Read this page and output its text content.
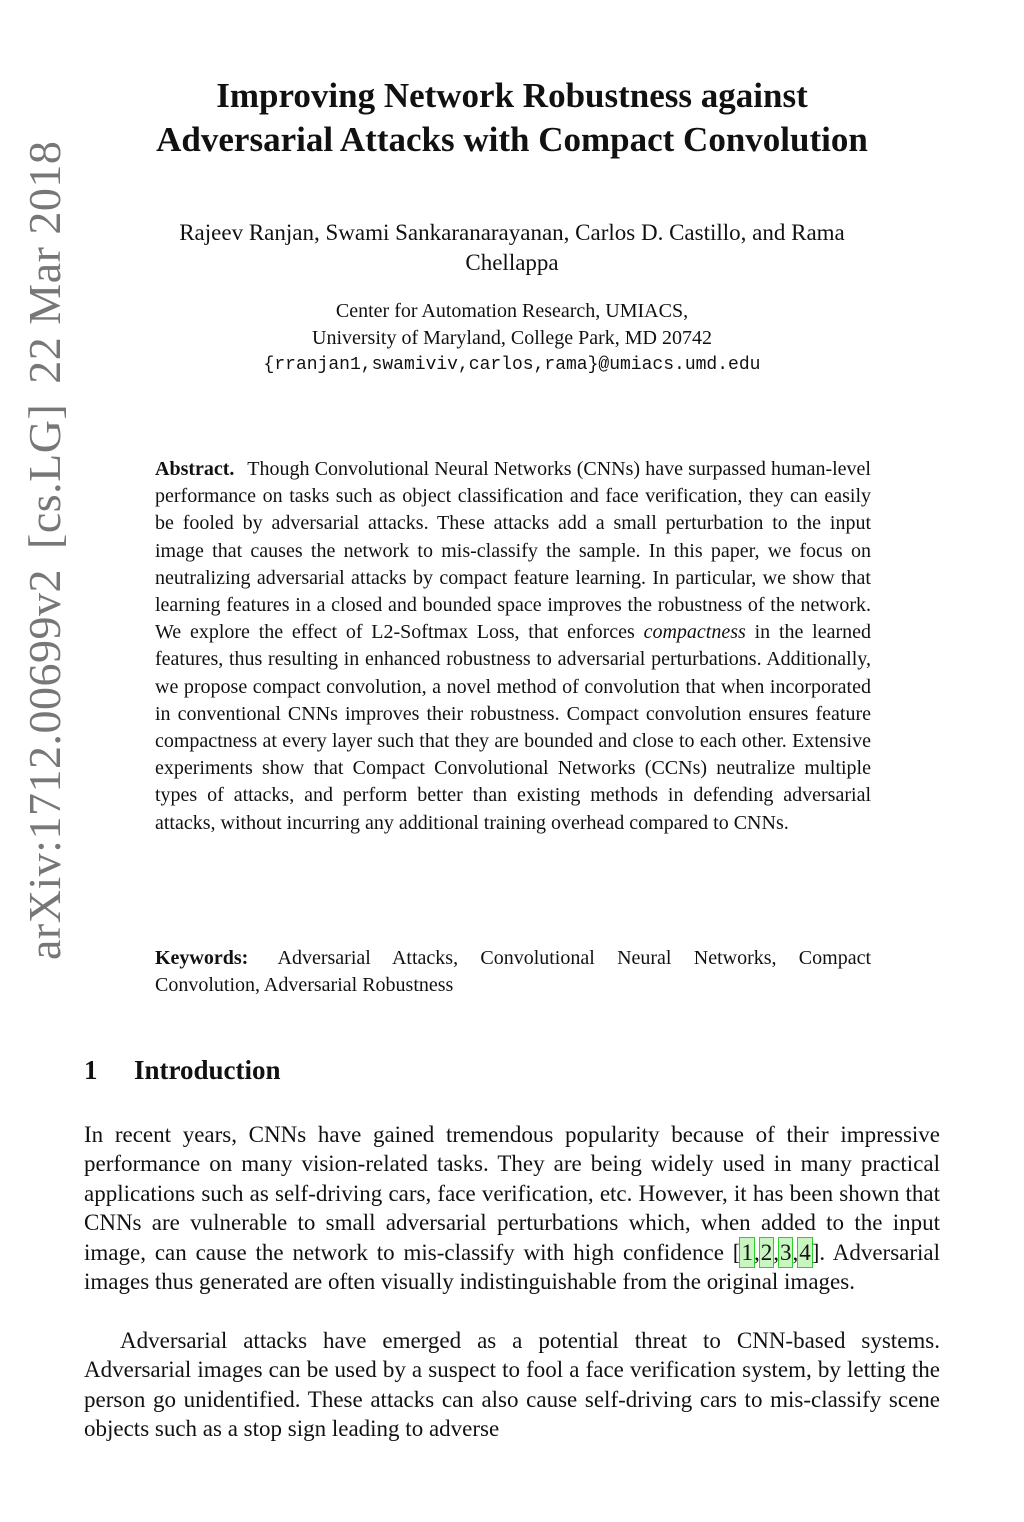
arXiv:1712.00699v2
[cs.LG]
22 Mar 2018
Improving Network Robustness against
Adversarial Attacks with Compact Convolution
Rajeev Ranjan, Swami Sankaranarayanan, Carlos D. Castillo, and Rama
Chellappa
Center for Automation Research, UMIACS,
University of Maryland, College Park, MD 20742
{rranjan1,swamiviv,carlos,rama}@umiacs.umd.edu
Abstract. Though Convolutional Neural Networks (CNNs) have surpassed human-level performance on tasks such as object classification and face verification, they can easily be fooled by adversarial attacks. These attacks add a small perturbation to the input image that causes the network to mis-classify the sample. In this paper, we focus on neutralizing adversarial attacks by compact feature learning. In particular, we show that learning features in a closed and bounded space improves the robustness of the network. We explore the effect of L2-Softmax Loss, that enforces compactness in the learned features, thus resulting in enhanced robustness to adversarial perturbations. Additionally, we propose compact convolution, a novel method of convolution that when incorporated in conventional CNNs improves their robustness. Compact convolution ensures feature compactness at every layer such that they are bounded and close to each other. Extensive experiments show that Compact Convolutional Networks (CCNs) neutralize multiple types of attacks, and perform better than existing methods in defending adversarial attacks, without incurring any additional training overhead compared to CNNs.
Keywords: Adversarial Attacks, Convolutional Neural Networks, Compact Convolution, Adversarial Robustness
1 Introduction
In recent years, CNNs have gained tremendous popularity because of their impressive performance on many vision-related tasks. They are being widely used in many practical applications such as self-driving cars, face verification, etc. However, it has been shown that CNNs are vulnerable to small adversarial perturbations which, when added to the input image, can cause the network to mis-classify with high confidence [1,2,3,4]. Adversarial images thus generated are often visually indistinguishable from the original images.
Adversarial attacks have emerged as a potential threat to CNN-based systems. Adversarial images can be used by a suspect to fool a face verification system, by letting the person go unidentified. These attacks can also cause self-driving cars to mis-classify scene objects such as a stop sign leading to adverse
